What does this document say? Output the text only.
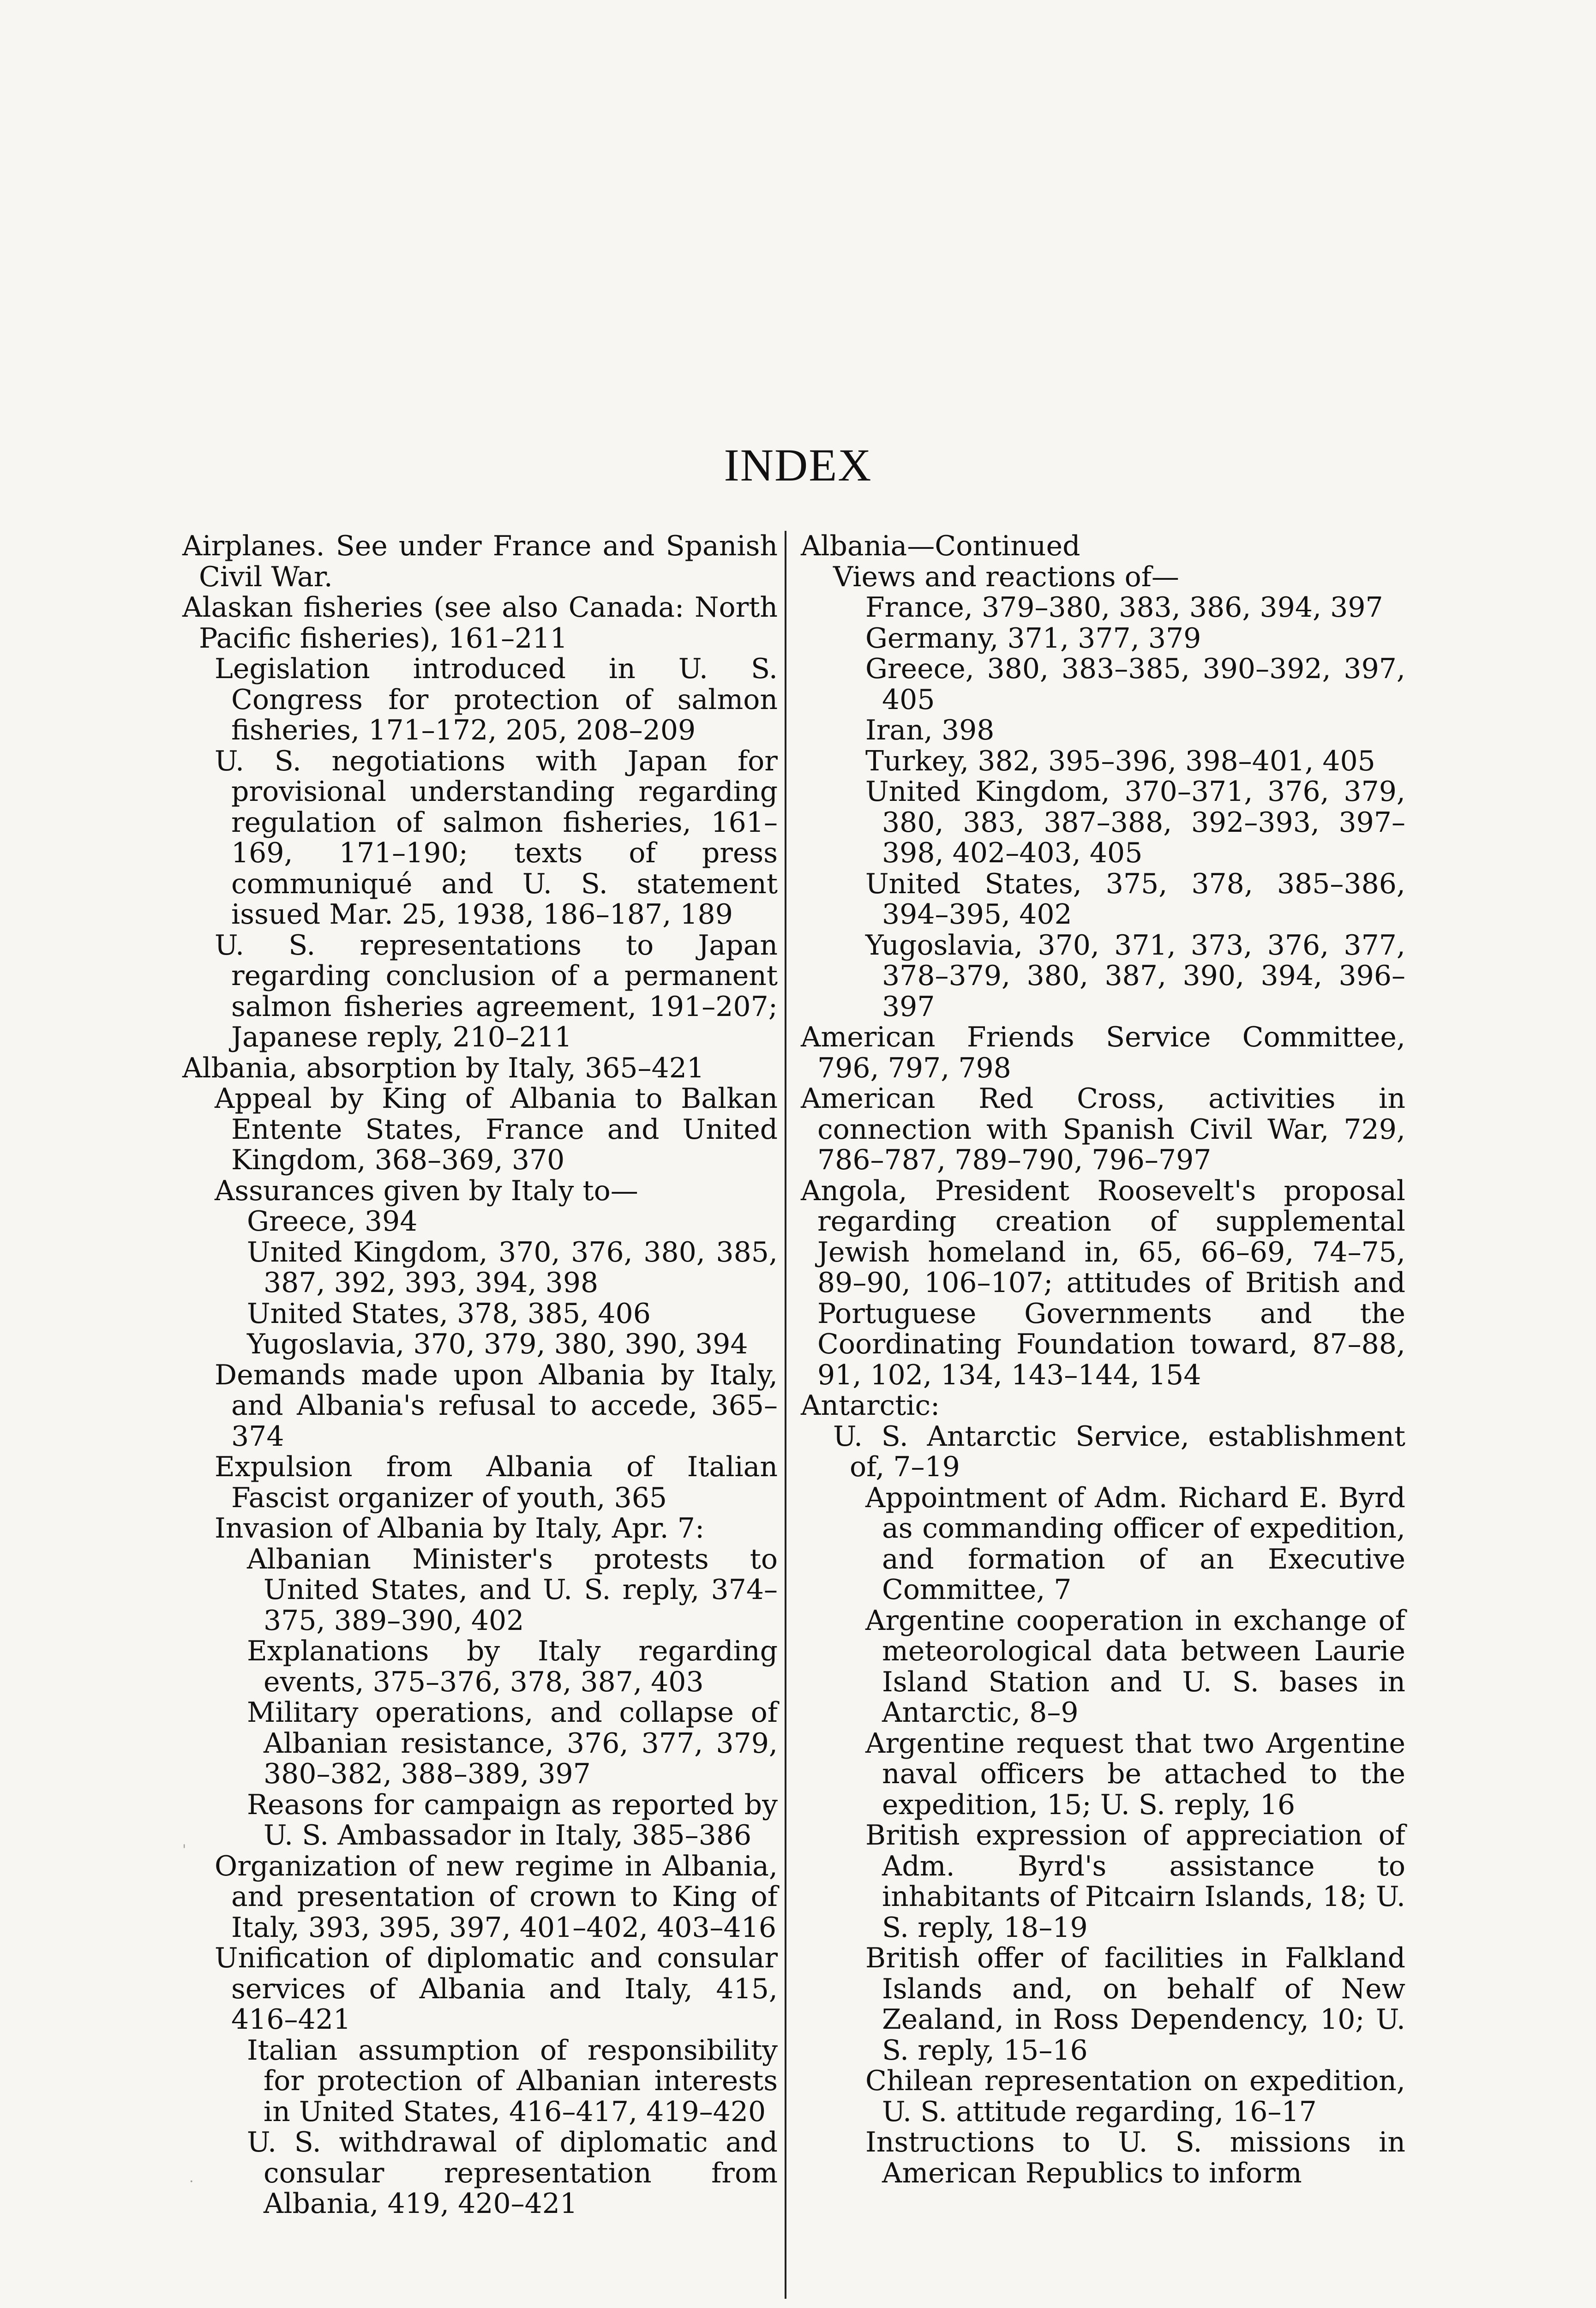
INDEX

Airplanes. See under France and Spanish Civil War.

Alaskan fisheries (see also Canada: North Pacific fisheries), 161–211

Legislation introduced in U. S. Congress for protection of salmon fisheries, 171–172, 205, 208–209

U. S. negotiations with Japan for provisional understanding regarding regulation of salmon fisheries, 161–169, 171–190; texts of press communiqué and U. S. statement issued Mar. 25, 1938, 186–187, 189

U. S. representations to Japan regarding conclusion of a permanent salmon fisheries agreement, 191–207; Japanese reply, 210–211

Albania, absorption by Italy, 365–421

Appeal by King of Albania to Balkan Entente States, France and United Kingdom, 368–369, 370

Assurances given by Italy to—

Greece, 394

United Kingdom, 370, 376, 380, 385, 387, 392, 393, 394, 398

United States, 378, 385, 406

Yugoslavia, 370, 379, 380, 390, 394

Demands made upon Albania by Italy, and Albania's refusal to accede, 365–374

Expulsion from Albania of Italian Fascist organizer of youth, 365

Invasion of Albania by Italy, Apr. 7:

Albanian Minister's protests to United States, and U. S. reply, 374–375, 389–390, 402

Explanations by Italy regarding events, 375–376, 378, 387, 403

Military operations, and collapse of Albanian resistance, 376, 377, 379, 380–382, 388–389, 397

Reasons for campaign as reported by U. S. Ambassador in Italy, 385–386

Organization of new regime in Albania, and presentation of crown to King of Italy, 393, 395, 397, 401–402, 403–416

Unification of diplomatic and consular services of Albania and Italy, 415, 416–421

Italian assumption of responsibility for protection of Albanian interests in United States, 416–417, 419–420

U. S. withdrawal of diplomatic and consular representation from Albania, 419, 420–421

Albania—Continued

Views and reactions of—

France, 379–380, 383, 386, 394, 397

Germany, 371, 377, 379

Greece, 380, 383–385, 390–392, 397, 405

Iran, 398

Turkey, 382, 395–396, 398–401, 405

United Kingdom, 370–371, 376, 379, 380, 383, 387–388, 392–393, 397–398, 402–403, 405

United States, 375, 378, 385–386, 394–395, 402

Yugoslavia, 370, 371, 373, 376, 377, 378–379, 380, 387, 390, 394, 396–397

American Friends Service Committee, 796, 797, 798

American Red Cross, activities in connection with Spanish Civil War, 729, 786–787, 789–790, 796–797

Angola, President Roosevelt's proposal regarding creation of supplemental Jewish homeland in, 65, 66–69, 74–75, 89–90, 106–107; attitudes of British and Portuguese Governments and the Coordinating Foundation toward, 87–88, 91, 102, 134, 143–144, 154

Antarctic:

U. S. Antarctic Service, establishment of, 7–19

Appointment of Adm. Richard E. Byrd as commanding officer of expedition, and formation of an Executive Committee, 7

Argentine cooperation in exchange of meteorological data between Laurie Island Station and U. S. bases in Antarctic, 8–9

Argentine request that two Argentine naval officers be attached to the expedition, 15; U. S. reply, 16

British expression of appreciation of Adm. Byrd's assistance to inhabitants of Pitcairn Islands, 18; U. S. reply, 18–19

British offer of facilities in Falkland Islands and, on behalf of New Zealand, in Ross Dependency, 10; U. S. reply, 15–16

Chilean representation on expedition, U. S. attitude regarding, 16–17

Instructions to U. S. missions in American Republics to inform

'
.
